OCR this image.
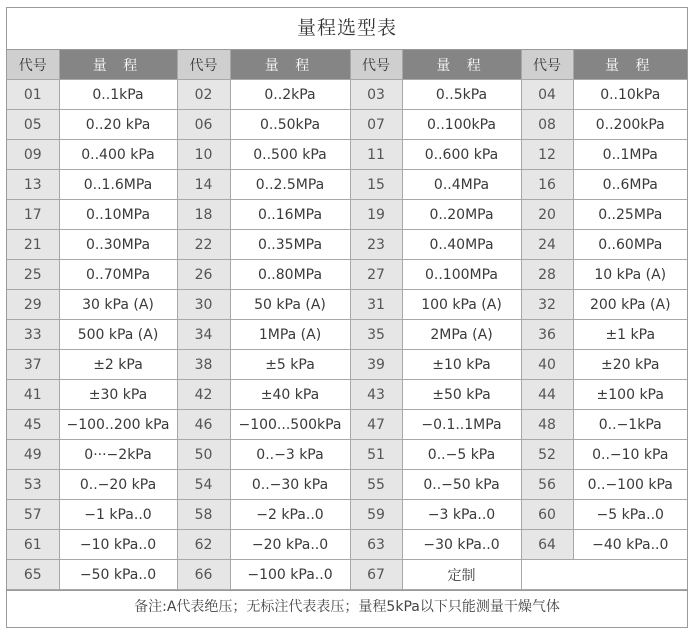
量程选型表
代号	量 程	代号	量 程	代号	量 程	代号	量 程
01	0..1kPa	02	0..2kPa	03	0..5kPa	04	0..10kPa
05	0..20 kPa	06	0..50kPa	07	0..100kPa	08	0..200kPa
09	0..400 kPa	10	0..500 kPa	11	0..600 kPa	12	0..1MPa
13	0..1.6MPa	14	0..2.5MPa	15	0..4MPa	16	0..6MPa
17	0..10MPa	18	0..16MPa	19	0..20MPa	20	0..25MPa
21	0..30MPa	22	0..35MPa	23	0..40MPa	24	0..60MPa
25	0..70MPa	26	0..80MPa	27	0..100MPa	28	10 kPa (A)
29	30 kPa (A)	30	50 kPa (A)	31	100 kPa (A)	32	200 kPa (A)
33	500 kPa (A)	34	1MPa (A)	35	2MPa (A)	36	±1 kPa
37	±2 kPa	38	±5 kPa	39	±10 kPa	40	±20 kPa
41	±30 kPa	42	±40 kPa	43	±50 kPa	44	±100 kPa
45	−100..200 kPa	46	−100...500kPa	47	−0.1..1MPa	48	0..−1kPa
49	0···−2kPa	50	0..−3 kPa	51	0..−5 kPa	52	0..−10 kPa
53	0..−20 kPa	54	0..−30 kPa	55	0..−50 kPa	56	0..−100 kPa
57	−1 kPa..0	58	−2 kPa..0	59	−3 kPa..0	60	−5 kPa..0
61	−10 kPa..0	62	−20 kPa..0	63	−30 kPa..0	64	−40 kPa..0
65	−50 kPa..0	66	−100 kPa..0	67	定制		
备注:A代表绝压；无标注代表表压；量程5kPa以下只能测量干燥气体
